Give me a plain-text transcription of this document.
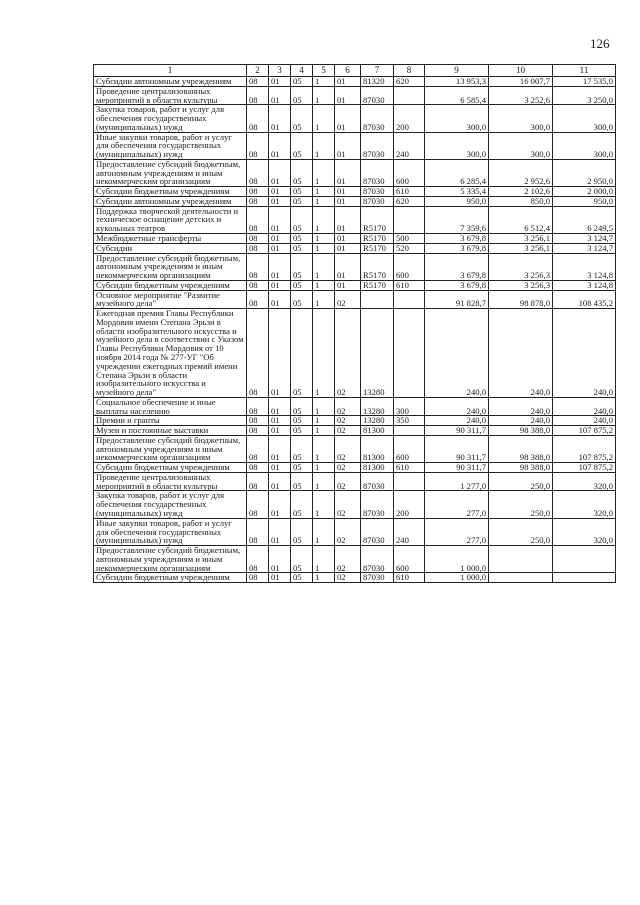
126
1	2	3	4	5	6	7	8	9	10	11
Субсидии автономным учреждениям	08	01	05	1	01	81320	620	13 953,3	16 007,7	17 535,0
Проведение централизованных мероприятий в области культуры	08	01	05	1	01	87030		6 585,4	3 252,6	3 250,0
Закупка товаров, работ и услуг для обеспечения государственных (муниципальных) нужд	08	01	05	1	01	87030	200	300,0	300,0	300,0
Иные закупки товаров, работ и услуг для обеспечения государственных (муниципальных) нужд	08	01	05	1	01	87030	240	300,0	300,0	300,0
Предоставление субсидий бюджетным, автономным учреждениям и иным некоммерческим организациям	08	01	05	1	01	87030	600	6 285,4	2 952,6	2 950,0
Субсидии бюджетным учреждениям	08	01	05	1	01	87030	610	5 335,4	2 102,6	2 000,0
Субсидии автономным учреждениям	08	01	05	1	01	87030	620	950,0	850,0	950,0
Поддержка творческой деятельности и техническое оснащение детских и кукольных театров	08	01	05	1	01	R5170		7 359,6	6 512,4	6 249,5
Межбюджетные трансферты	08	01	05	1	01	R5170	500	3 679,8	3 256,1	3 124,7
Субсидии	08	01	05	1	01	R5170	520	3 679,8	3 256,1	3 124,7
Предоставление субсидий бюджетным, автономным учреждениям и иным некоммерческим организациям	08	01	05	1	01	R5170	600	3 679,8	3 256,3	3 124,8
Субсидии бюджетным учреждениям	08	01	05	1	01	R5170	610	3 679,8	3 256,3	3 124,8
Основное мероприятие "Развитие музейного дела"	08	01	05	1	02			91 828,7	98 878,0	108 435,2
Ежегодная премия Главы Республики Мордовия имени Степана Эрьзи в области изобразительного искусства и музейного дела в соответствии с Указом Главы Республики Мордовия от 10 ноября 2014 года № 277-УГ "Об учреждении ежегодных премий имени Степана Эрьзи в области изобразительного искусства и музейного дела"	08	01	05	1	02	13280		240,0	240,0	240,0
Социальное обеспечение и иные выплаты населению	08	01	05	1	02	13280	300	240,0	240,0	240,0
Премии и гранты	08	01	05	1	02	13280	350	240,0	240,0	240,0
Музеи и постоянные выставки	08	01	05	1	02	81300		90 311,7	98 388,0	107 875,2
Предоставление субсидий бюджетным, автономным учреждениям и иным некоммерческим организациям	08	01	05	1	02	81300	600	90 311,7	98 388,0	107 875,2
Субсидии бюджетным учреждениям	08	01	05	1	02	81300	610	90 311,7	98 388,0	107 875,2
Проведение централизованных мероприятий в области культуры	08	01	05	1	02	87030		1 277,0	250,0	320,0
Закупка товаров, работ и услуг для обеспечения государственных (муниципальных) нужд	08	01	05	1	02	87030	200	277,0	250,0	320,0
Иные закупки товаров, работ и услуг для обеспечения государственных (муниципальных) нужд	08	01	05	1	02	87030	240	277,0	250,0	320,0
Предоставление субсидий бюджетным, автономным учреждениям и иным некоммерческим организациям	08	01	05	1	02	87030	600	1 000,0		
Субсидии бюджетным учреждениям	08	01	05	1	02	87030	610	1 000,0		
